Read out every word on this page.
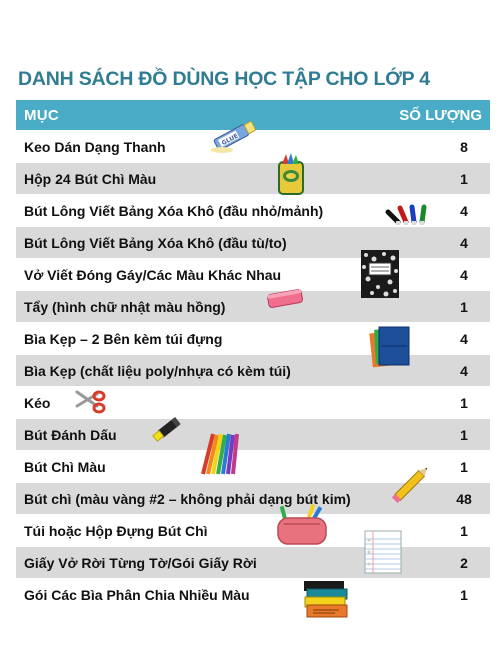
DANH SÁCH ĐỒ DÙNG HỌC TẬP CHO LỚP 4
MỤC	SỐ LƯỢNG
Keo Dán Dạng Thanh	8
Hộp 24 Bút Chì Màu	1
Bút Lông Viết Bảng Xóa Khô (đầu nhỏ/mảnh)	4
Bút Lông Viết Bảng Xóa Khô (đầu tù/to)	4
Vở Viết Đóng Gáy/Các Màu Khác Nhau	4
Tẩy (hình chữ nhật màu hồng)	1
Bìa Kẹp – 2 Bên kèm túi đựng	4
Bìa Kẹp (chất liệu poly/nhựa có kèm túi)	4
Kéo	1
Bút Đánh Dấu	1
Bút Chì Màu	1
Bút chì (màu vàng #2 – không phải dạng bút kim)	48
Túi hoặc Hộp Đựng Bút Chì	1
Giấy Vở Rời Từng Tờ/Gói Giấy Rời	2
Gói Các Bìa Phân Chia Nhiều Màu	1
GLUE
